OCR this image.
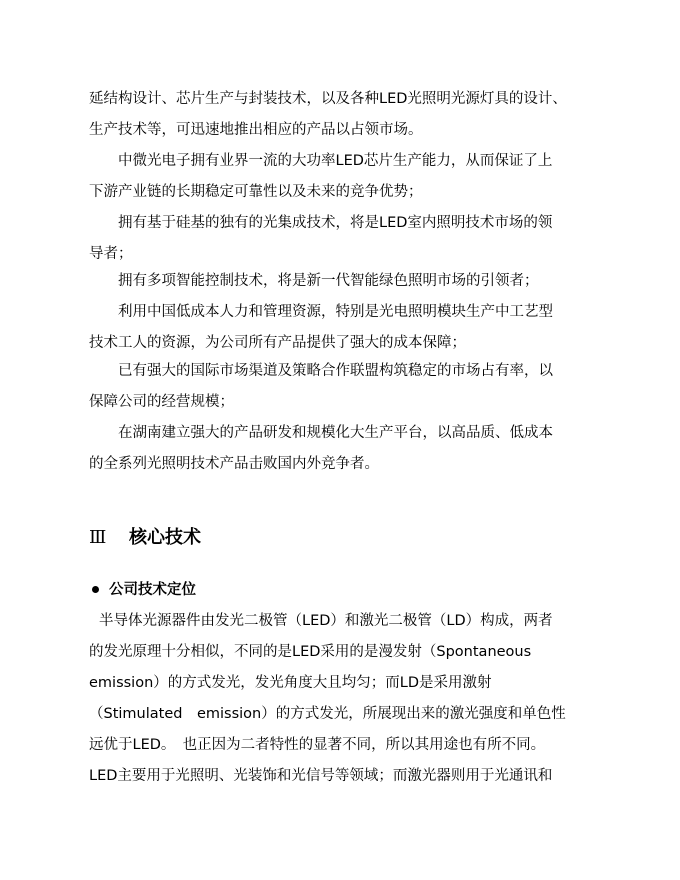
延结构设计、芯片生产与封装技术，以及各种LED光照明光源灯具的设计、
生产技术等，可迅速地推出相应的产品以占领市场。
中微光电子拥有业界一流的大功率LED芯片生产能力，从而保证了上
下游产业链的长期稳定可靠性以及未来的竞争优势；
拥有基于硅基的独有的光集成技术，将是LED室内照明技术市场的领
导者；
拥有多项智能控制技术，将是新一代智能绿色照明市场的引领者；
利用中国低成本人力和管理资源，特别是光电照明模块生产中工艺型
技术工人的资源，为公司所有产品提供了强大的成本保障；
已有强大的国际市场渠道及策略合作联盟构筑稳定的市场占有率，以
保障公司的经营规模；
在湖南建立强大的产品研发和规模化大生产平台，以高品质、低成本
的全系列光照明技术产品击败国内外竞争者。
Ⅲ 核心技术
公司技术定位
半导体光源器件由发光二极管（LED）和激光二极管（LD）构成，两者
的发光原理十分相似，不同的是LED采用的是漫发射（Spontaneous
emission）的方式发光，发光角度大且均匀；而LD是采用激射
（Stimulated　emission）的方式发光，所展现出来的激光强度和单色性
远优于LED。　也正因为二者特性的显著不同，所以其用途也有所不同。
LED主要用于光照明、光装饰和光信号等领域；而激光器则用于光通讯和
